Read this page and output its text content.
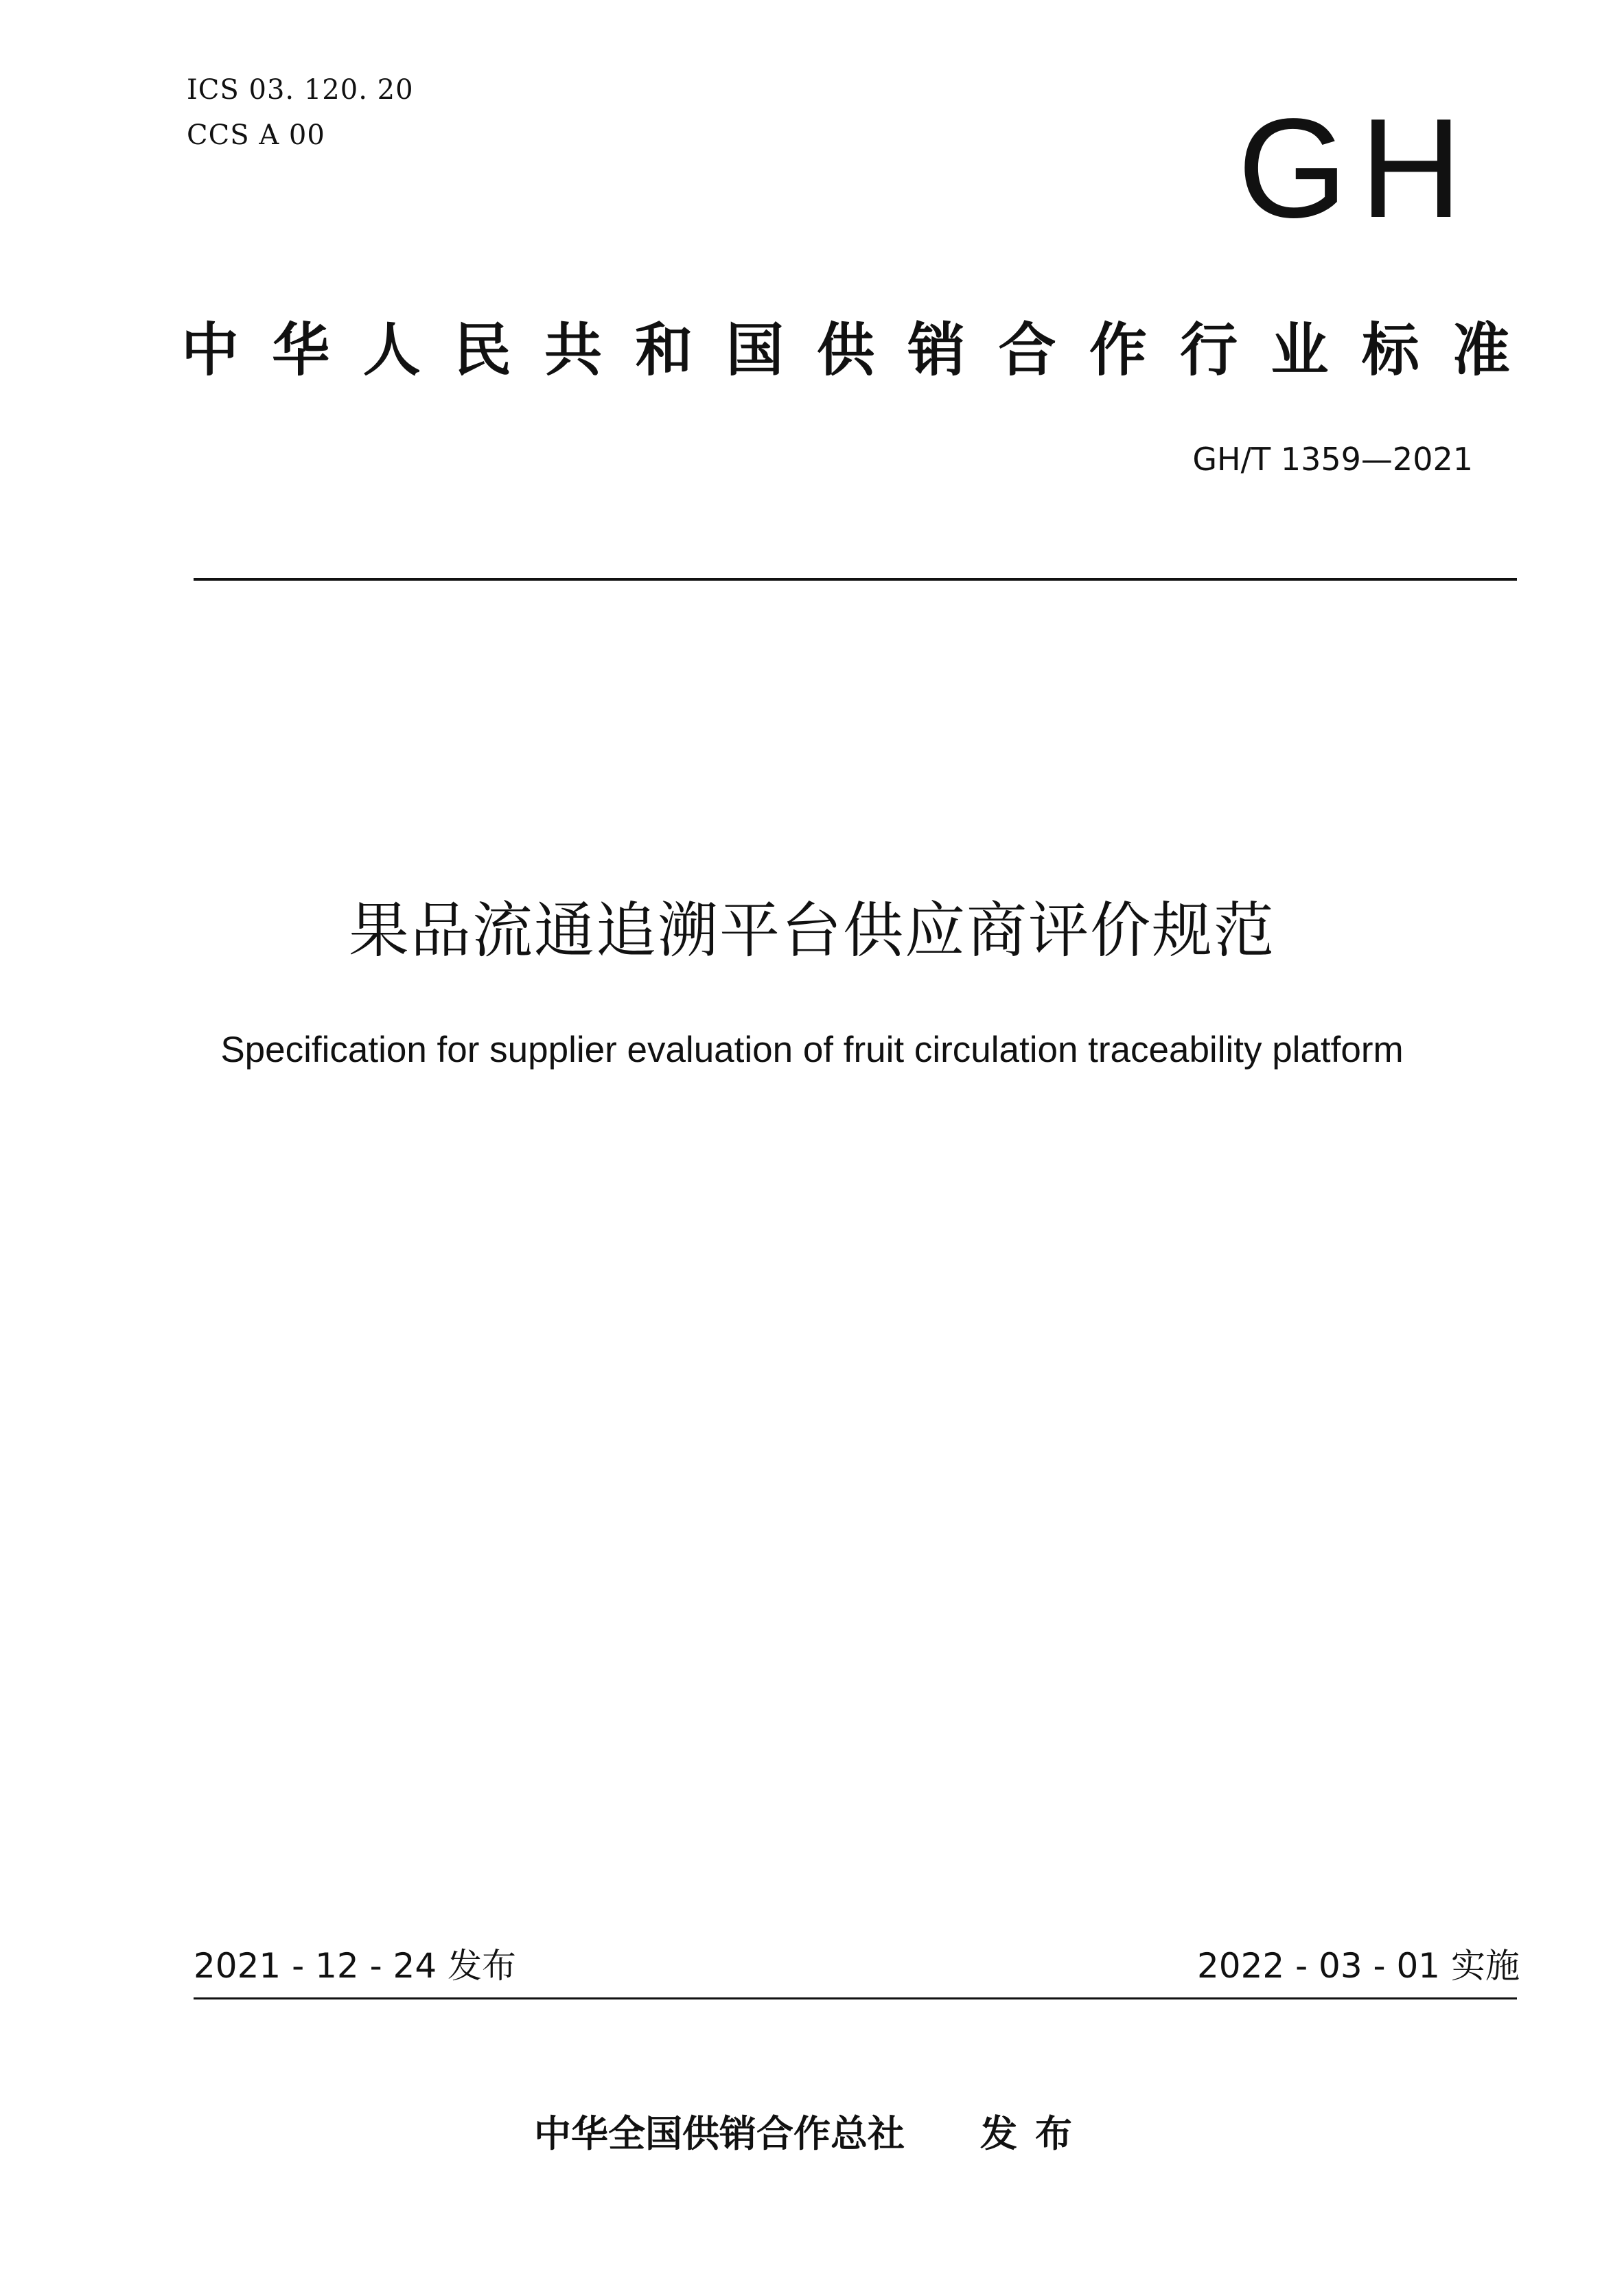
ICS 03. 120. 20
CCS A 00	GH
中华人民共和国供销合作行业标准
GH/T 1359—2021
果品流通追溯平台供应商评价规范
Specification for supplier evaluation of fruit circulation traceability platform
2021 - 12 - 24 发布	2022 - 03 - 01 实施
中华全国供销合作总社 发布
